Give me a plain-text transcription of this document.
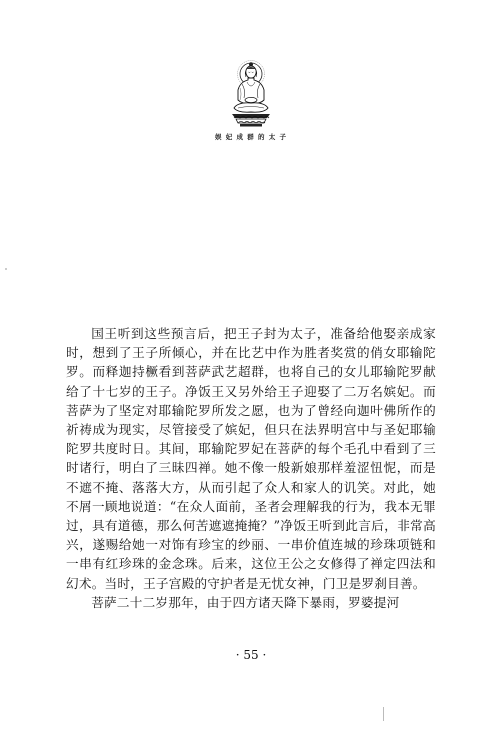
娱 妃 成 群 的 太 子

国王听到这些预言后，把王子封为太子，准备给他娶亲成家时，想到了王子所倾心，并在比艺中作为胜者奖赏的俏女耶输陀罗。而释迦持橛看到菩萨武艺超群，也将自己的女儿耶输陀罗献给了十七岁的王子。净饭王又另外给王子迎娶了二万名嫔妃。而菩萨为了坚定对耶输陀罗所发之愿，也为了曾经向迦叶佛所作的祈祷成为现实，尽管接受了嫔妃，但只在法界明宫中与圣妃耶输陀罗共度时日。其间，耶输陀罗妃在菩萨的每个毛孔中看到了三时诸行，明白了三昧四禅。她不像一般新娘那样羞涩忸怩，而是不遮不掩、落落大方，从而引起了众人和家人的讥笑。对此，她不屑一顾地说道：“在众人面前，圣者会理解我的行为，我本无罪过，具有道德，那么何苦遮遮掩掩？”净饭王听到此言后，非常高兴，遂赐给她一对饰有珍宝的纱丽、一串价值连城的珍珠项链和一串有红珍珠的金念珠。后来，这位王公之女修得了禅定四法和幻术。当时，王子宫殿的守护者是无忧女神，门卫是罗刹目善。

菩萨二十二岁那年，由于四方诸天降下暴雨，罗婆提河

· 55 ·
